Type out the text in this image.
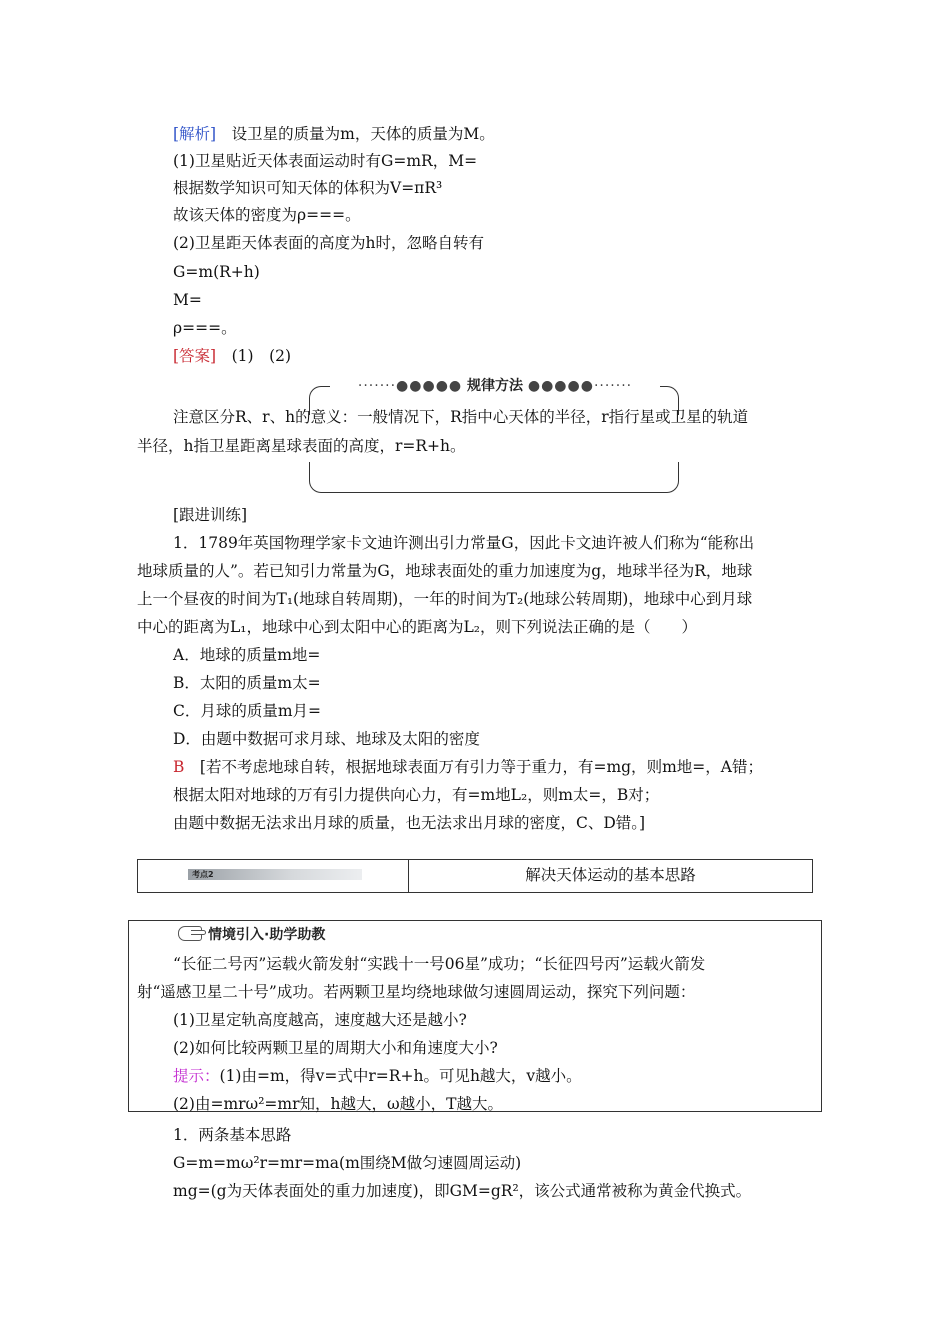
[解析]　 设卫星的质量为m，天体的质量为M。
(1)卫星贴近天体表面运动时有G=mR，M=
根据数学知识可知天体的体积为V=πR³
故该天体的密度为ρ===。
(2)卫星距天体表面的高度为h时，忽略自转有
G=m(R+h)
M=
ρ===。
[答案]　 (1)　(2)
·······●●●●● 规律方法 ●●●●●·······
注意区分R、r、h的意义：一般情况下，R指中心天体的半径，r指行星或卫星的轨道
半径，h指卫星距离星球表面的高度，r=R+h。
[跟进训练]
1．1789年英国物理学家卡文迪许测出引力常量G，因此卡文迪许被人们称为“能称出
地球质量的人”。若已知引力常量为G，地球表面处的重力加速度为g，地球半径为R，地球
上一个昼夜的时间为T₁(地球自转周期)，一年的时间为T₂(地球公转周期)，地球中心到月球
中心的距离为L₁，地球中心到太阳中心的距离为L₂，则下列说法正确的是（　　）
A．地球的质量m地=
B．太阳的质量m太=
C．月球的质量m月=
D．由题中数据可求月球、地球及太阳的密度
B　 [若不考虑地球自转，根据地球表面万有引力等于重力，有=mg，则m地=，A错；
根据太阳对地球的万有引力提供向心力，有=m地L₂，则m太=，B对；
由题中数据无法求出月球的质量，也无法求出月球的密度，C、D错。]
考点2	解决天体运动的基本思路
情境引入·助学助教
“长征二号丙”运载火箭发射“实践十一号06星”成功；“长征四号丙”运载火箭发
射“遥感卫星二十号”成功。若两颗卫星均绕地球做匀速圆周运动，探究下列问题：
(1)卫星定轨高度越高，速度越大还是越小?
(2)如何比较两颗卫星的周期大小和角速度大小?
提示：(1)由=m，得v=式中r=R+h。可见h越大，v越小。
(2)由=mrω²=mr知，h越大，ω越小，T越大。
1．两条基本思路
G=m=mω²r=mr=ma(m围绕M做匀速圆周运动)
mg=(g为天体表面处的重力加速度)，即GM=gR²，该公式通常被称为黄金代换式。
